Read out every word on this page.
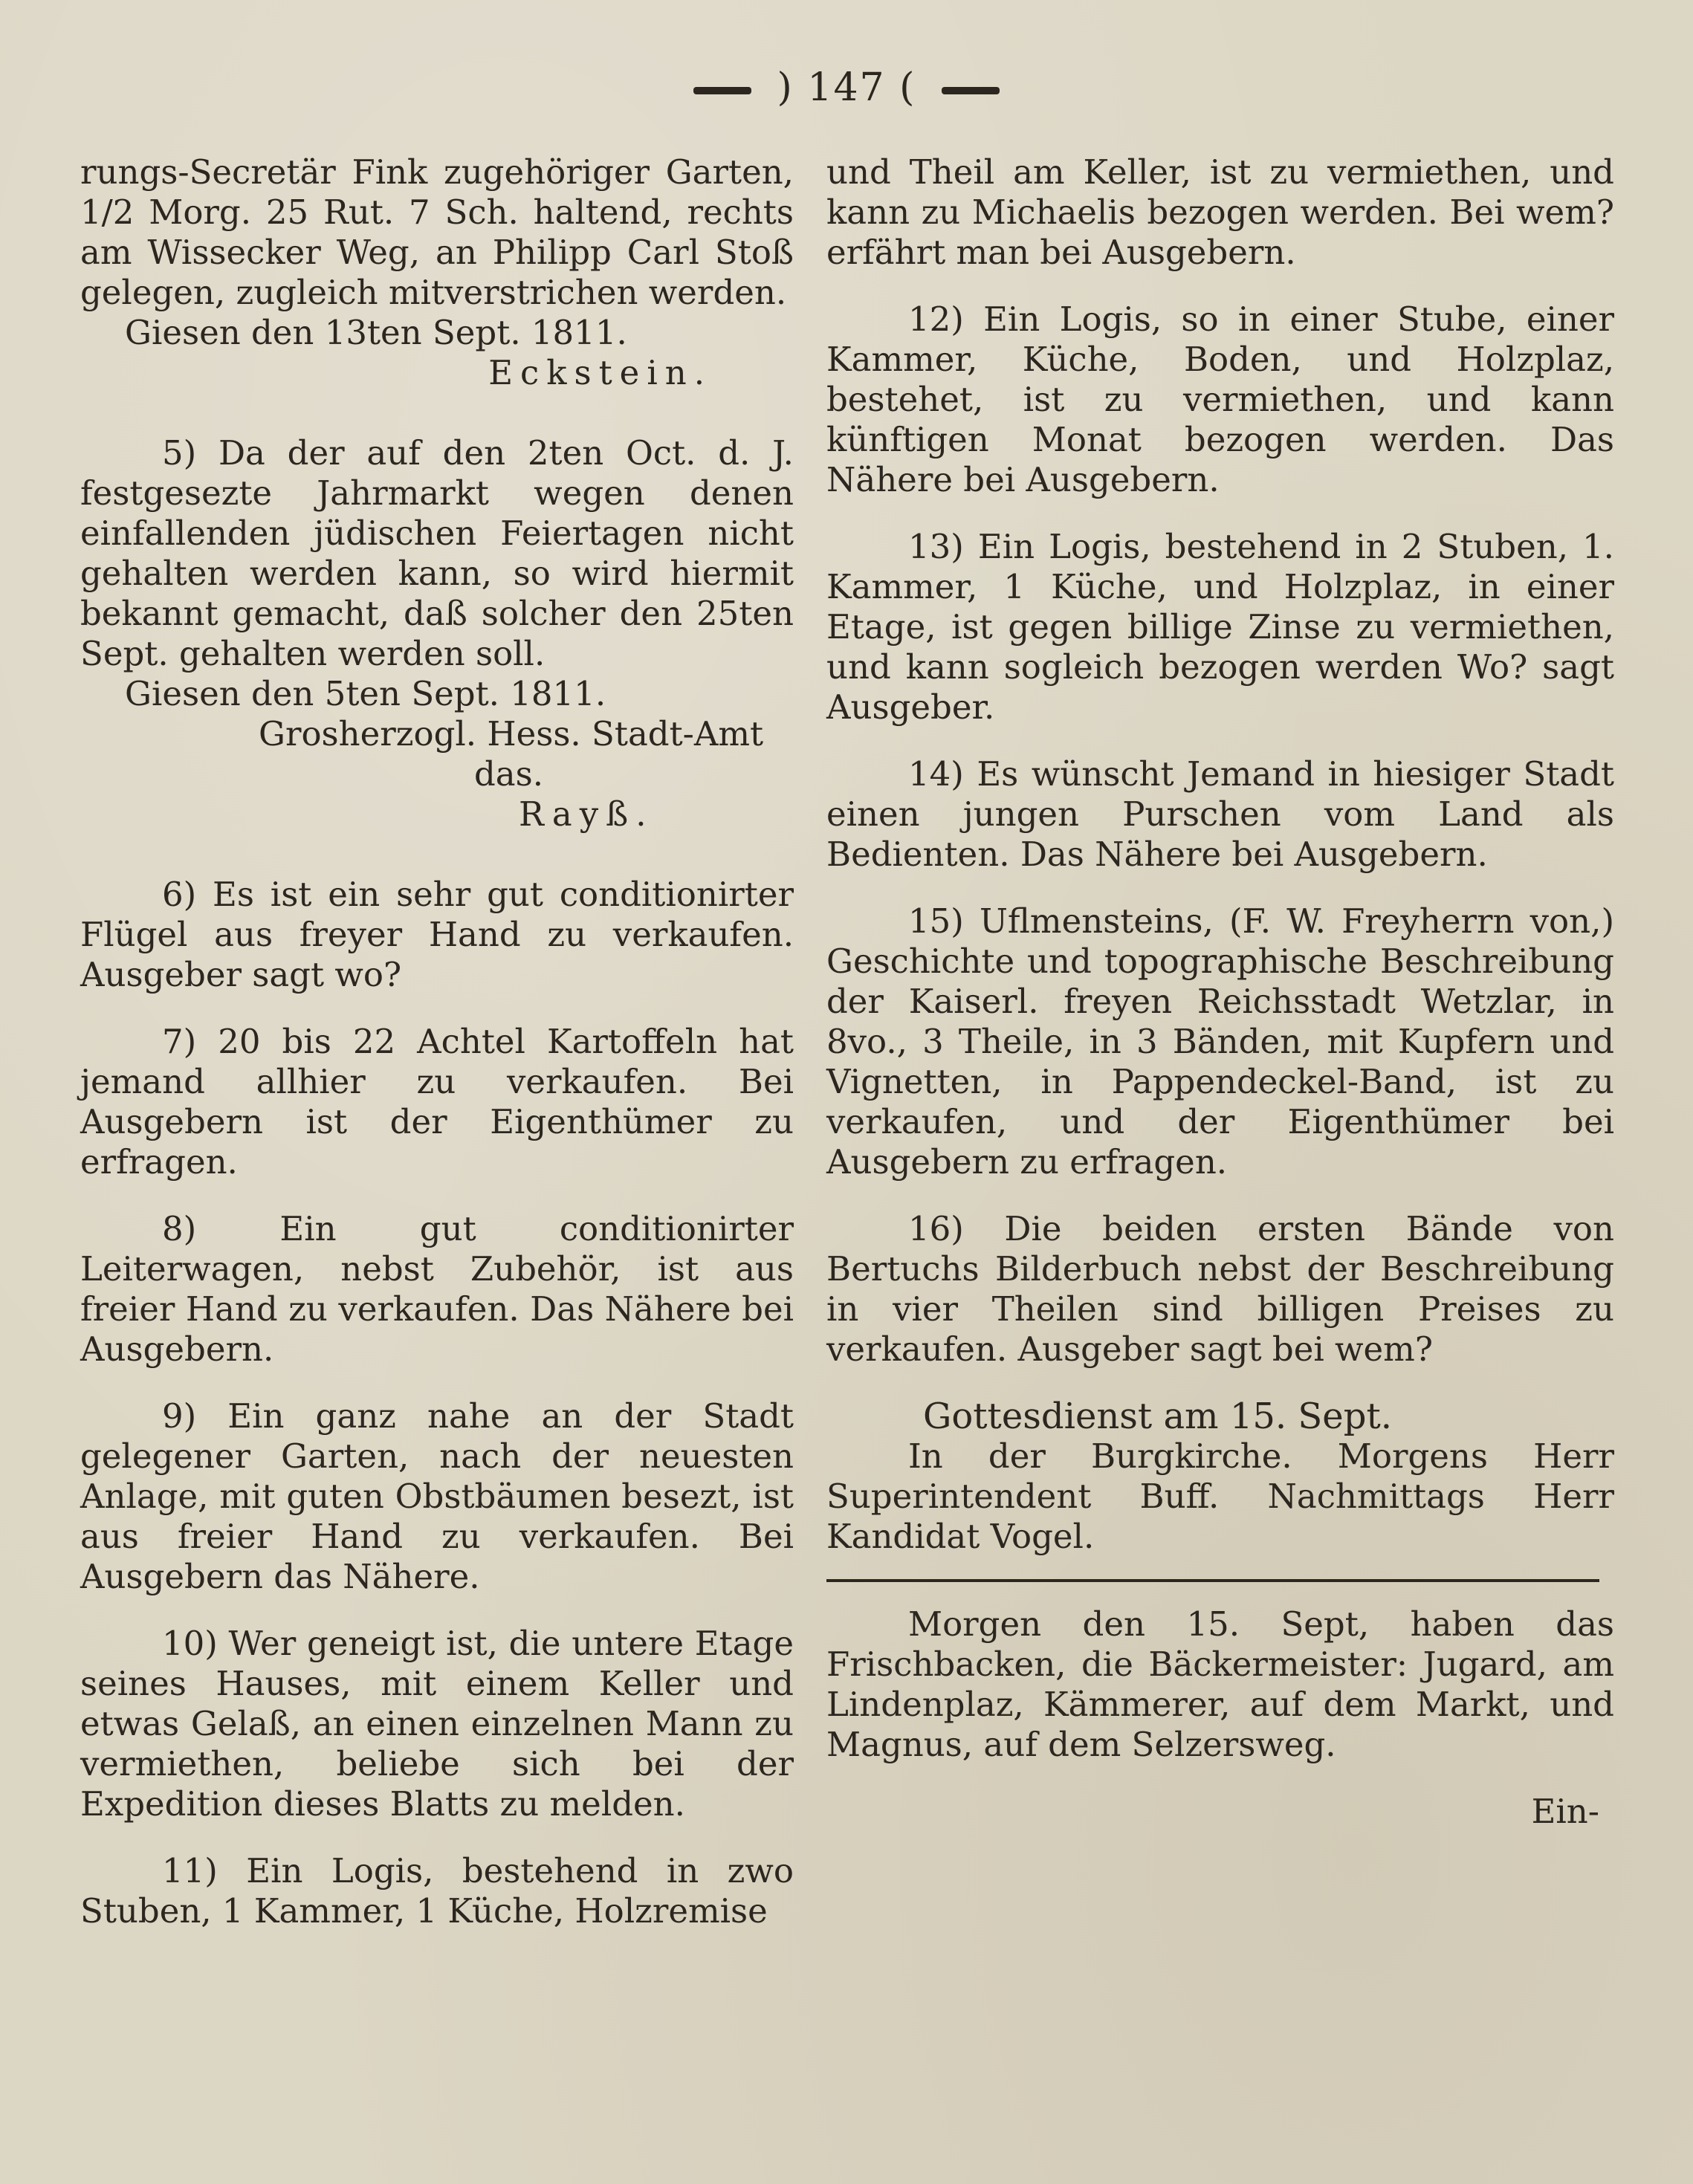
) 147 (

rungs-Secretär Fink zugehöriger Garten, 1/2 Morg. 25 Rut. 7 Sch. haltend, rechts am Wissecker Weg, an Philipp Carl Stoß gelegen, zugleich mitverstrichen werden.

Giesen den 13ten Sept. 1811.

Eckstein.

5) Da der auf den 2ten Oct. d. J. festgesezte Jahrmarkt wegen denen einfallenden jüdischen Feiertagen nicht gehalten werden kann, so wird hiermit bekannt gemacht, daß solcher den 25ten Sept. gehalten werden soll.

Giesen den 5ten Sept. 1811.

Grosherzogl. Hess. Stadt-Amt

das.

Rayß.

6) Es ist ein sehr gut conditionirter Flügel aus freyer Hand zu verkaufen. Ausgeber sagt wo?

7) 20 bis 22 Achtel Kartoffeln hat jemand allhier zu verkaufen. Bei Ausgebern ist der Eigenthümer zu erfragen.

8) Ein gut conditionirter Leiterwagen, nebst Zubehör, ist aus freier Hand zu verkaufen. Das Nähere bei Ausgebern.

9) Ein ganz nahe an der Stadt gelegener Garten, nach der neuesten Anlage, mit guten Obstbäumen besezt, ist aus freier Hand zu verkaufen. Bei Ausgebern das Nähere.

10) Wer geneigt ist, die untere Etage seines Hauses, mit einem Keller und etwas Gelaß, an einen einzelnen Mann zu vermiethen, beliebe sich bei der Expedition dieses Blatts zu melden.

11) Ein Logis, bestehend in zwo Stuben, 1 Kammer, 1 Küche, Holzremise

und Theil am Keller, ist zu vermiethen, und kann zu Michaelis bezogen werden. Bei wem? erfährt man bei Ausgebern.

12) Ein Logis, so in einer Stube, einer Kammer, Küche, Boden, und Holzplaz, bestehet, ist zu vermiethen, und kann künftigen Monat bezogen werden. Das Nähere bei Ausgebern.

13) Ein Logis, bestehend in 2 Stuben, 1. Kammer, 1 Küche, und Holzplaz, in einer Etage, ist gegen billige Zinse zu vermiethen, und kann sogleich bezogen werden Wo? sagt Ausgeber.

14) Es wünscht Jemand in hiesiger Stadt einen jungen Purschen vom Land als Bedienten. Das Nähere bei Ausgebern.

15) Uflmensteins, (F. W. Freyherrn von,) Geschichte und topographische Beschreibung der Kaiserl. freyen Reichsstadt Wetzlar, in 8vo., 3 Theile, in 3 Bänden, mit Kupfern und Vignetten, in Pappendeckel-Band, ist zu verkaufen, und der Eigenthümer bei Ausgebern zu erfragen.

16) Die beiden ersten Bände von Bertuchs Bilderbuch nebst der Beschreibung in vier Theilen sind billigen Preises zu verkaufen. Ausgeber sagt bei wem?

Gottesdienst am 15. Sept.

In der Burgkirche. Morgens Herr Superintendent Buff. Nachmittags Herr Kandidat Vogel.

Morgen den 15. Sept, haben das Frischbacken, die Bäckermeister: Jugard, am Lindenplaz, Kämmerer, auf dem Markt, und Magnus, auf dem Selzersweg.

Ein-
